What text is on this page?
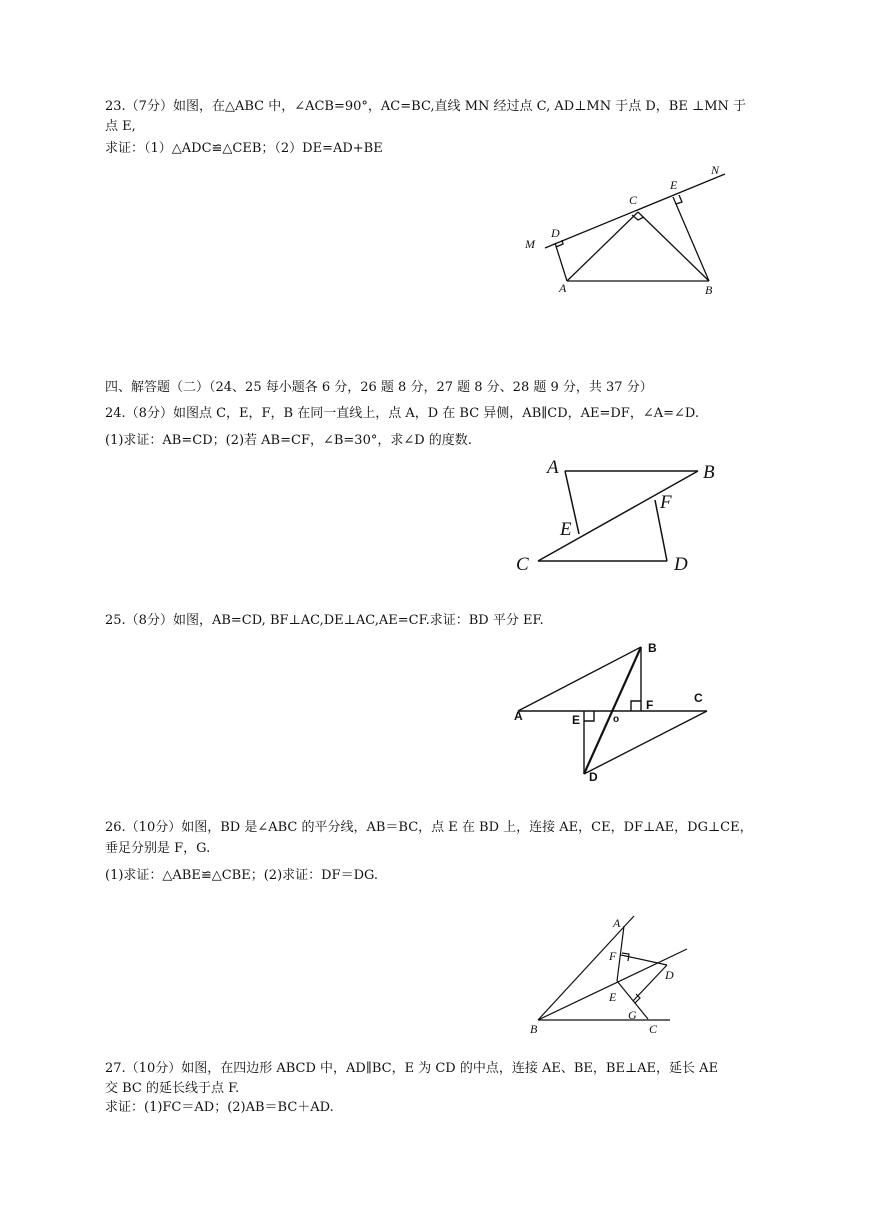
23.（7分）如图，在△ABC 中，∠ACB=90°，AC=BC,直线 MN 经过点 C, AD⊥MN 于点 D，BE ⊥MN 于
点 E,
求证：（1）△ADC≌△CEB；（2）DE=AD+BE
N
E
C
D
M
A	B
四、解答题（二）（24、25 每小题各 6 分，26 题 8 分，27 题 8 分、28 题 9 分，共 37 分）
24.（8分）如图点 C，E，F，B 在同一直线上，点 A，D 在 BC 异侧，AB∥CD，AE=DF，∠A=∠D.
(1)求证：AB=CD；(2)若 AB=CF，∠B=30°，求∠D 的度数.
A	B
F
E
C	D
25.（8分）如图，AB=CD, BF⊥AC,DE⊥AC,AE=CF.求证：BD 平分 EF.
B
C
F
A	E	o
D
26.（10分）如图，BD 是∠ABC 的平分线，AB＝BC，点 E 在 BD 上，连接 AE，CE，DF⊥AE，DG⊥CE，
垂足分别是 F，G.
(1)求证：△ABE≌△CBE；(2)求证：DF＝DG.
A
F
D
E
G
B	C
27.（10分）如图，在四边形 ABCD 中，AD∥BC，E 为 CD 的中点，连接 AE、BE，BE⊥AE，延长 AE
交 BC 的延长线于点 F.
求证：(1)FC＝AD；(2)AB＝BC＋AD.
